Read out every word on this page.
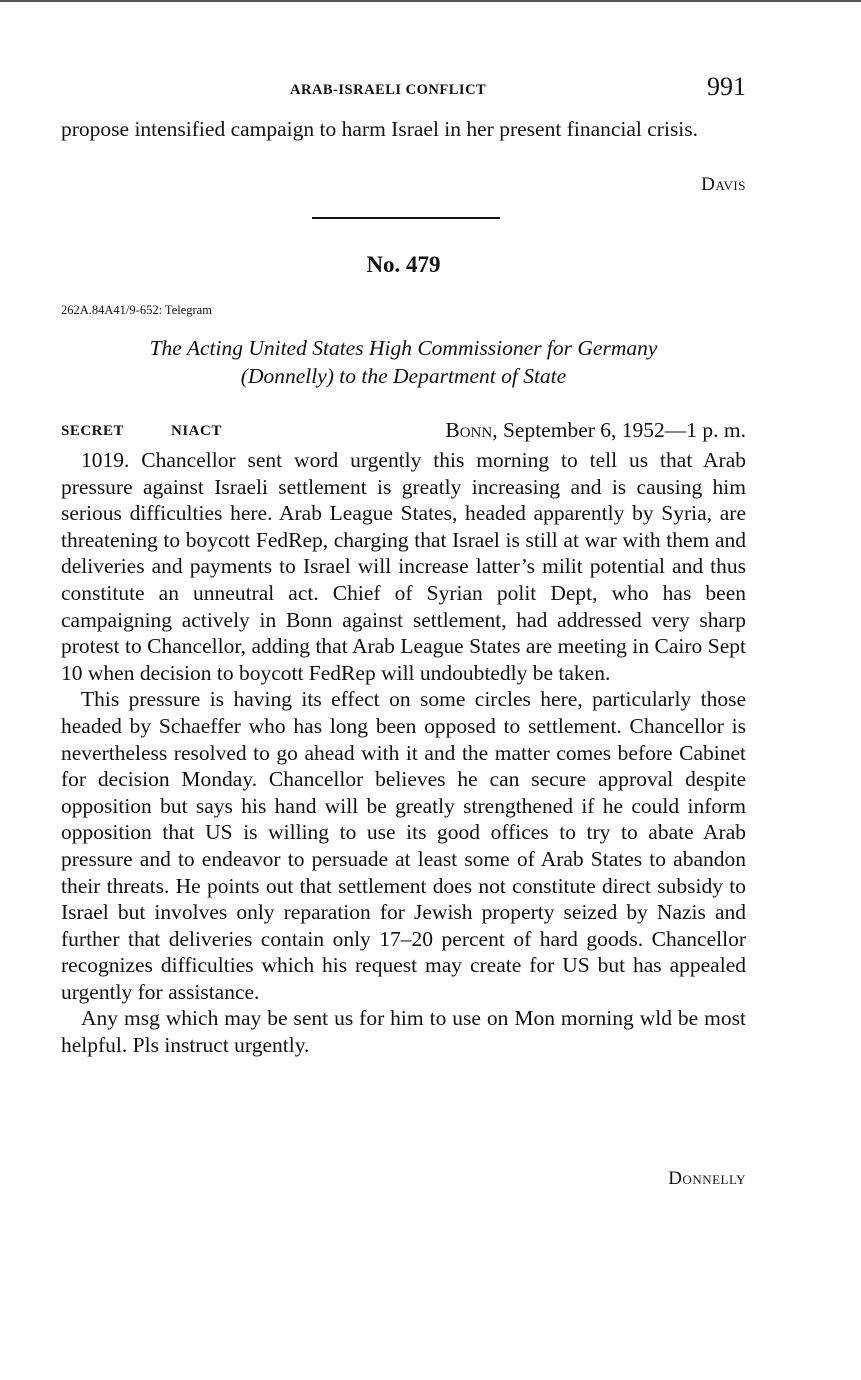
ARAB-ISRAELI CONFLICT	991
propose intensified campaign to harm Israel in her present financial crisis.
Davis
No. 479
262A.84A41/9-652: Telegram
The Acting United States High Commissioner for Germany
(Donnelly) to the Department of State
SECRET	NIACT	Bonn, September 6, 1952—1 p. m.

1019. Chancellor sent word urgently this morning to tell us that Arab pressure against Israeli settlement is greatly increasing and is causing him serious difficulties here. Arab League States, headed apparently by Syria, are threatening to boycott FedRep, charging that Israel is still at war with them and deliveries and payments to Israel will increase latter’s milit potential and thus constitute an unneutral act. Chief of Syrian polit Dept, who has been campaigning actively in Bonn against settlement, had addressed very sharp protest to Chancellor, adding that Arab League States are meeting in Cairo Sept 10 when decision to boycott FedRep will undoubtedly be taken.

This pressure is having its effect on some circles here, particularly those headed by Schaeffer who has long been opposed to settlement. Chancellor is nevertheless resolved to go ahead with it and the matter comes before Cabinet for decision Monday. Chancellor believes he can secure approval despite opposition but says his hand will be greatly strengthened if he could inform opposition that US is willing to use its good offices to try to abate Arab pressure and to endeavor to persuade at least some of Arab States to abandon their threats. He points out that settlement does not constitute direct subsidy to Israel but involves only reparation for Jewish property seized by Nazis and further that deliveries contain only 17–20 percent of hard goods. Chancellor recognizes difficulties which his request may create for US but has appealed urgently for assistance.

Any msg which may be sent us for him to use on Mon morning wld be most helpful. Pls instruct urgently.

Donnelly
